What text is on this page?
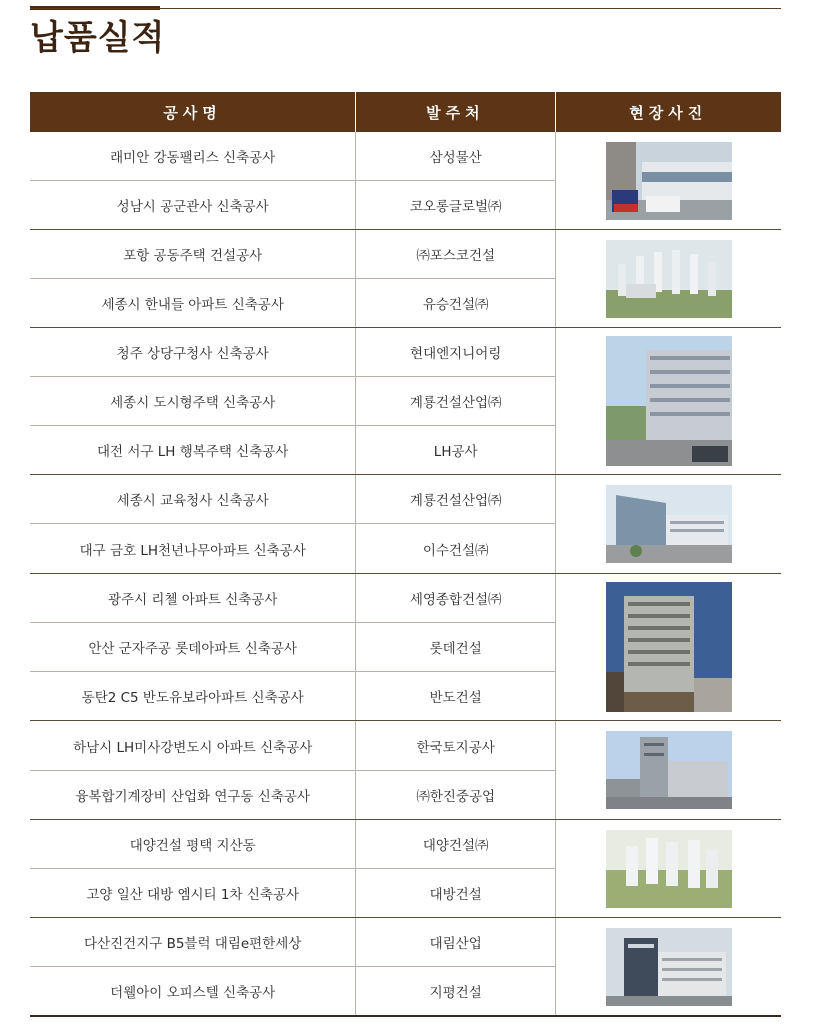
납품실적
공사명	발주처	현장사진
래미안 강동팰리스 신축공사	삼성물산
성남시 공군관사 신축공사	코오롱글로벌㈜
포항 공동주택 건설공사	㈜포스코건설
세종시 한내들 아파트 신축공사	유승건설㈜
청주 상당구청사 신축공사	현대엔지니어링
세종시 도시형주택 신축공사	계룡건설산업㈜
대전 서구 LH 행복주택 신축공사	LH공사
세종시 교육청사 신축공사	계룡건설산업㈜
대구 금호 LH천년나무아파트 신축공사	이수건설㈜
광주시 리첼 아파트 신축공사	세영종합건설㈜
안산 군자주공 롯데아파트 신축공사	롯데건설
동탄2 C5 반도유보라아파트 신축공사	반도건설
하남시 LH미사강변도시 아파트 신축공사	한국토지공사
융복합기계장비 산업화 연구동 신축공사	㈜한진중공업
대양건설 평택 지산동	대양건설㈜
고양 일산 대방 엠시티 1차 신축공사	대방건설
다산진건지구 B5블럭 대림e편한세상	대림산업
더웰아이 오피스텔 신축공사	지평건설
